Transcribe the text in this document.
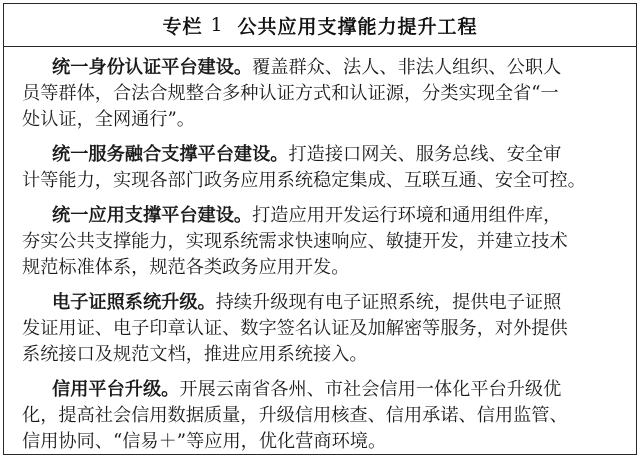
专栏 1 公共应用支撑能力提升工程
统一身份认证平台建设。覆盖群众、法人、非法人组织、公职人
员等群体，合法合规整合多种认证方式和认证源，分类实现全省“一
处认证，全网通行”。
统一服务融合支撑平台建设。打造接口网关、服务总线、安全审
计等能力，实现各部门政务应用系统稳定集成、互联互通、安全可控。
统一应用支撑平台建设。打造应用开发运行环境和通用组件库，
夯实公共支撑能力，实现系统需求快速响应、敏捷开发，并建立技术
规范标准体系，规范各类政务应用开发。
电子证照系统升级。持续升级现有电子证照系统，提供电子证照
发证用证、电子印章认证、数字签名认证及加解密等服务，对外提供
系统接口及规范文档，推进应用系统接入。
信用平台升级。开展云南省各州、市社会信用一体化平台升级优
化，提高社会信用数据质量，升级信用核查、信用承诺、信用监管、
信用协同、“信易＋”等应用，优化营商环境。
